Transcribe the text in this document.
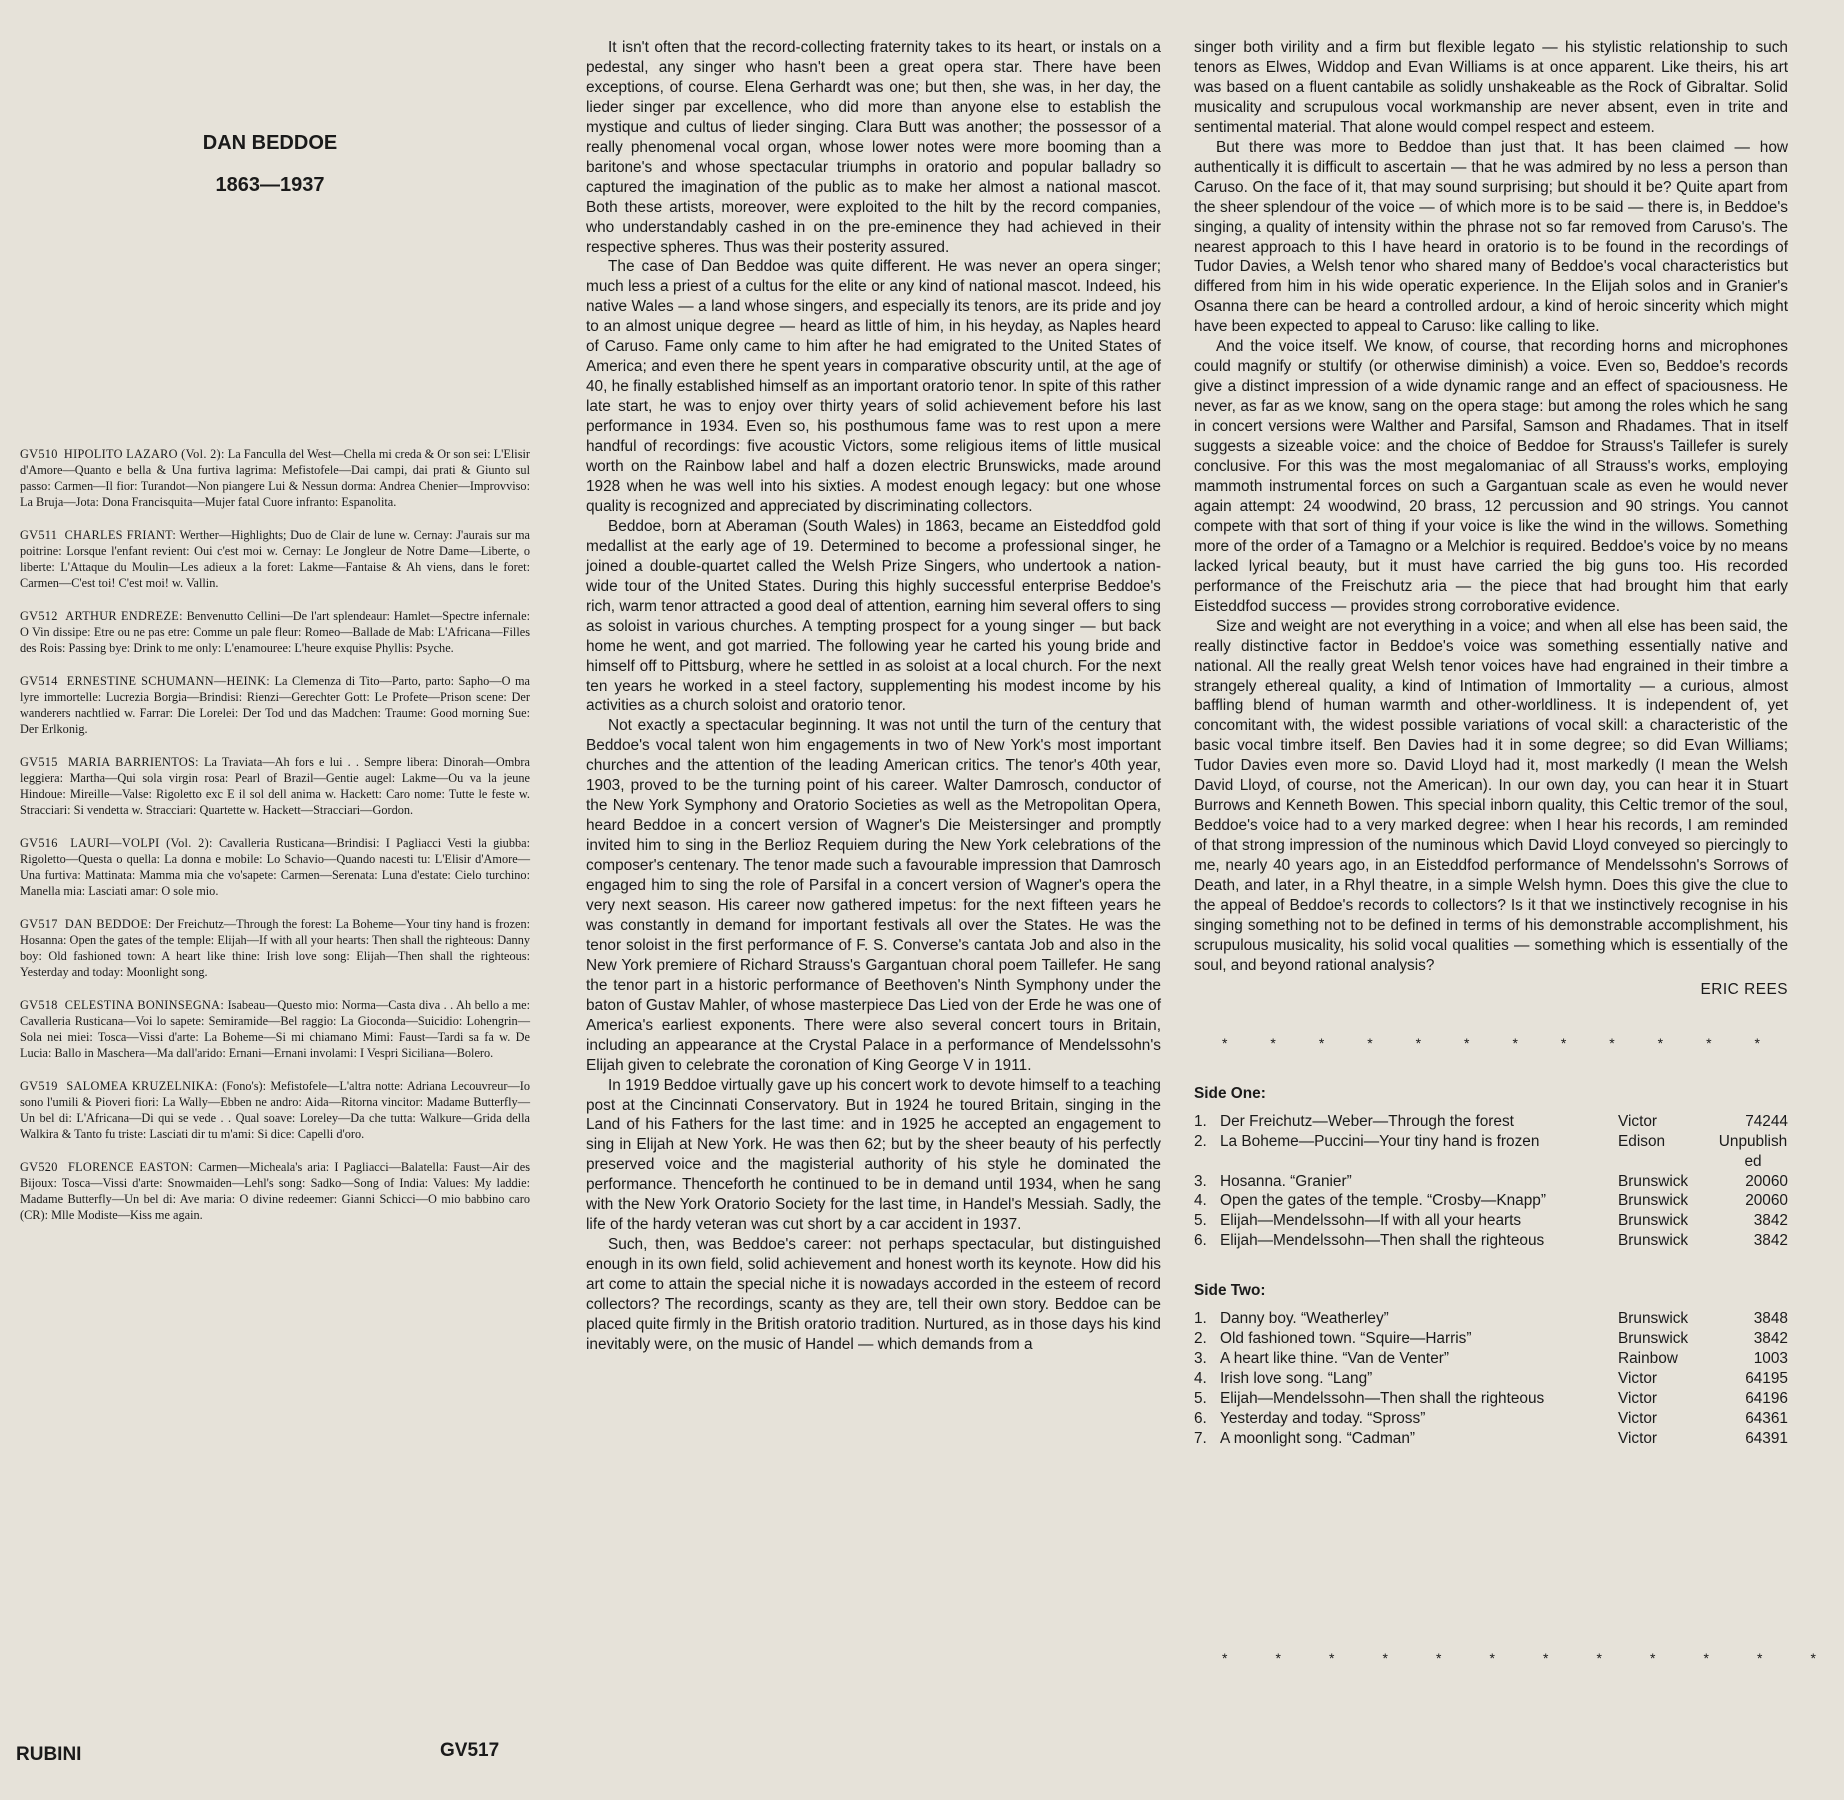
DAN BEDDOE
1863—1937
GV510 HIPOLITO LAZARO (Vol. 2): La Fanculla del West—Chella mi creda & Or son sei: L'Elisir d'Amore—Quanto e bella & Una furtiva lagrima: Mefistofele—Dai campi, dai prati & Giunto sul passo: Carmen—Il fior: Turandot—Non piangere Lui & Nessun dorma: Andrea Chenier—Improvviso: La Bruja—Jota: Dona Francisquita—Mujer fatal Cuore infranto: Espanolita.
GV511 CHARLES FRIANT: Werther—Highlights; Duo de Clair de lune w. Cernay: J'aurais sur ma poitrine: Lorsque l'enfant revient: Oui c'est moi w. Cernay: Le Jongleur de Notre Dame—Liberte, o liberte: L'Attaque du Moulin—Les adieux a la foret: Lakme—Fantaise & Ah viens, dans le foret: Carmen—C'est toi! C'est moi! w. Vallin.
GV512 ARTHUR ENDREZE: Benvenutto Cellini—De l'art splendeaur: Hamlet—Spectre infernale: O Vin dissipe: Etre ou ne pas etre: Comme un pale fleur: Romeo—Ballade de Mab: L'Africana—Filles des Rois: Passing bye: Drink to me only: L'enamouree: L'heure exquise Phyllis: Psyche.
GV514 ERNESTINE SCHUMANN—HEINK: La Clemenza di Tito—Parto, parto: Sapho—O ma lyre immortelle: Lucrezia Borgia—Brindisi: Rienzi—Gerechter Gott: Le Profete—Prison scene: Der wanderers nachtlied w. Farrar: Die Lorelei: Der Tod und das Madchen: Traume: Good morning Sue: Der Erlkonig.
GV515 MARIA BARRIENTOS: La Traviata—Ah fors e lui . . Sempre libera: Dinorah—Ombra leggiera: Martha—Qui sola virgin rosa: Pearl of Brazil—Gentie augel: Lakme—Ou va la jeune Hindoue: Mireille—Valse: Rigoletto exc E il sol dell anima w. Hackett: Caro nome: Tutte le feste w. Stracciari: Si vendetta w. Stracciari: Quartette w. Hackett—Stracciari—Gordon.
GV516 LAURI—VOLPI (Vol. 2): Cavalleria Rusticana—Brindisi: I Pagliacci Vesti la giubba: Rigoletto—Questa o quella: La donna e mobile: Lo Schavio—Quando nacesti tu: L'Elisir d'Amore—Una furtiva: Mattinata: Mamma mia che vo'sapete: Carmen—Serenata: Luna d'estate: Cielo turchino: Manella mia: Lasciati amar: O sole mio.
GV517 DAN BEDDOE: Der Freichutz—Through the forest: La Boheme—Your tiny hand is frozen: Hosanna: Open the gates of the temple: Elijah—If with all your hearts: Then shall the righteous: Danny boy: Old fashioned town: A heart like thine: Irish love song: Elijah—Then shall the righteous: Yesterday and today: Moonlight song.
GV518 CELESTINA BONINSEGNA: Isabeau—Questo mio: Norma—Casta diva . . Ah bello a me: Cavalleria Rusticana—Voi lo sapete: Semiramide—Bel raggio: La Gioconda—Suicidio: Lohengrin—Sola nei miei: Tosca—Vissi d'arte: La Boheme—Si mi chiamano Mimi: Faust—Tardi sa fa w. De Lucia: Ballo in Maschera—Ma dall'arido: Ernani—Ernani involami: I Vespri Siciliana—Bolero.
GV519 SALOMEA KRUZELNIKA: (Fono's): Mefistofele—L'altra notte: Adriana Lecouvreur—Io sono l'umili & Pioveri fiori: La Wally—Ebben ne andro: Aida—Ritorna vincitor: Madame Butterfly—Un bel di: L'Africana—Di qui se vede . . Qual soave: Loreley—Da che tutta: Walkure—Grida della Walkira & Tanto fu triste: Lasciati dir tu m'ami: Si dice: Capelli d'oro.
GV520 FLORENCE EASTON: Carmen—Micheala's aria: I Pagliacci—Balatella: Faust—Air des Bijoux: Tosca—Vissi d'arte: Snowmaiden—Lehl's song: Sadko—Song of India: Values: My laddie: Madame Butterfly—Un bel di: Ave maria: O divine redeemer: Gianni Schicci—O mio babbino caro (CR): Mlle Modiste—Kiss me again.

It isn't often that the record-collecting fraternity takes to its heart, or instals on a pedestal, any singer who hasn't been a great opera star. There have been exceptions, of course. Elena Gerhardt was one; but then, she was, in her day, the lieder singer par excellence, who did more than anyone else to establish the mystique and cultus of lieder singing. Clara Butt was another; the possessor of a really phenomenal vocal organ, whose lower notes were more booming than a baritone's and whose spectacular triumphs in oratorio and popular balladry so captured the imagination of the public as to make her almost a national mascot. Both these artists, moreover, were exploited to the hilt by the record companies, who understandably cashed in on the pre-eminence they had achieved in their respective spheres. Thus was their posterity assured.

The case of Dan Beddoe was quite different. He was never an opera singer; much less a priest of a cultus for the elite or any kind of national mascot. Indeed, his native Wales — a land whose singers, and especially its tenors, are its pride and joy to an almost unique degree — heard as little of him, in his heyday, as Naples heard of Caruso. Fame only came to him after he had emigrated to the United States of America; and even there he spent years in comparative obscurity until, at the age of 40, he finally established himself as an important oratorio tenor. In spite of this rather late start, he was to enjoy over thirty years of solid achievement before his last performance in 1934. Even so, his posthumous fame was to rest upon a mere handful of recordings: five acoustic Victors, some religious items of little musical worth on the Rainbow label and half a dozen electric Brunswicks, made around 1928 when he was well into his sixties. A modest enough legacy: but one whose quality is recognized and appreciated by discriminating collectors.

Beddoe, born at Aberaman (South Wales) in 1863, became an Eisteddfod gold medallist at the early age of 19. Determined to become a professional singer, he joined a double-quartet called the Welsh Prize Singers, who undertook a nation-wide tour of the United States. During this highly successful enterprise Beddoe's rich, warm tenor attracted a good deal of attention, earning him several offers to sing as soloist in various churches. A tempting prospect for a young singer — but back home he went, and got married. The following year he carted his young bride and himself off to Pittsburg, where he settled in as soloist at a local church. For the next ten years he worked in a steel factory, supplementing his modest income by his activities as a church soloist and oratorio tenor.

Not exactly a spectacular beginning. It was not until the turn of the century that Beddoe's vocal talent won him engagements in two of New York's most important churches and the attention of the leading American critics. The tenor's 40th year, 1903, proved to be the turning point of his career. Walter Damrosch, conductor of the New York Symphony and Oratorio Societies as well as the Metropolitan Opera, heard Beddoe in a concert version of Wagner's Die Meistersinger and promptly invited him to sing in the Berlioz Requiem during the New York celebrations of the composer's centenary. The tenor made such a favourable impression that Damrosch engaged him to sing the role of Parsifal in a concert version of Wagner's opera the very next season. His career now gathered impetus: for the next fifteen years he was constantly in demand for important festivals all over the States. He was the tenor soloist in the first performance of F. S. Converse's cantata Job and also in the New York premiere of Richard Strauss's Gargantuan choral poem Taillefer. He sang the tenor part in a historic performance of Beethoven's Ninth Symphony under the baton of Gustav Mahler, of whose masterpiece Das Lied von der Erde he was one of America's earliest exponents. There were also several concert tours in Britain, including an appearance at the Crystal Palace in a performance of Mendelssohn's Elijah given to celebrate the coronation of King George V in 1911.

In 1919 Beddoe virtually gave up his concert work to devote himself to a teaching post at the Cincinnati Conservatory. But in 1924 he toured Britain, singing in the Land of his Fathers for the last time: and in 1925 he accepted an engagement to sing in Elijah at New York. He was then 62; but by the sheer beauty of his perfectly preserved voice and the magisterial authority of his style he dominated the performance. Thenceforth he continued to be in demand until 1934, when he sang with the New York Oratorio Society for the last time, in Handel's Messiah. Sadly, the life of the hardy veteran was cut short by a car accident in 1937.

Such, then, was Beddoe's career: not perhaps spectacular, but distinguished enough in its own field, solid achievement and honest worth its keynote. How did his art come to attain the special niche it is nowadays accorded in the esteem of record collectors? The recordings, scanty as they are, tell their own story. Beddoe can be placed quite firmly in the British oratorio tradition. Nurtured, as in those days his kind inevitably were, on the music of Handel — which demands from a

singer both virility and a firm but flexible legato — his stylistic relationship to such tenors as Elwes, Widdop and Evan Williams is at once apparent. Like theirs, his art was based on a fluent cantabile as solidly unshakeable as the Rock of Gibraltar. Solid musicality and scrupulous vocal workmanship are never absent, even in trite and sentimental material. That alone would compel respect and esteem.

But there was more to Beddoe than just that. It has been claimed — how authentically it is difficult to ascertain — that he was admired by no less a person than Caruso. On the face of it, that may sound surprising; but should it be? Quite apart from the sheer splendour of the voice — of which more is to be said — there is, in Beddoe's singing, a quality of intensity within the phrase not so far removed from Caruso's. The nearest approach to this I have heard in oratorio is to be found in the recordings of Tudor Davies, a Welsh tenor who shared many of Beddoe's vocal characteristics but differed from him in his wide operatic experience. In the Elijah solos and in Granier's Osanna there can be heard a controlled ardour, a kind of heroic sincerity which might have been expected to appeal to Caruso: like calling to like.

And the voice itself. We know, of course, that recording horns and microphones could magnify or stultify (or otherwise diminish) a voice. Even so, Beddoe's records give a distinct impression of a wide dynamic range and an effect of spaciousness. He never, as far as we know, sang on the opera stage: but among the roles which he sang in concert versions were Walther and Parsifal, Samson and Rhadames. That in itself suggests a sizeable voice: and the choice of Beddoe for Strauss's Taillefer is surely conclusive. For this was the most megalomaniac of all Strauss's works, employing mammoth instrumental forces on such a Gargantuan scale as even he would never again attempt: 24 woodwind, 20 brass, 12 percussion and 90 strings. You cannot compete with that sort of thing if your voice is like the wind in the willows. Something more of the order of a Tamagno or a Melchior is required. Beddoe's voice by no means lacked lyrical beauty, but it must have carried the big guns too. His recorded performance of the Freischutz aria — the piece that had brought him that early Eisteddfod success — provides strong corroborative evidence.

Size and weight are not everything in a voice; and when all else has been said, the really distinctive factor in Beddoe's voice was something essentially native and national. All the really great Welsh tenor voices have had engrained in their timbre a strangely ethereal quality, a kind of Intimation of Immortality — a curious, almost baffling blend of human warmth and other-worldliness. It is independent of, yet concomitant with, the widest possible variations of vocal skill: a characteristic of the basic vocal timbre itself. Ben Davies had it in some degree; so did Evan Williams; Tudor Davies even more so. David Lloyd had it, most markedly (I mean the Welsh David Lloyd, of course, not the American). In our own day, you can hear it in Stuart Burrows and Kenneth Bowen. This special inborn quality, this Celtic tremor of the soul, Beddoe's voice had to a very marked degree: when I hear his records, I am reminded of that strong impression of the numinous which David Lloyd conveyed so piercingly to me, nearly 40 years ago, in an Eisteddfod performance of Mendelssohn's Sorrows of Death, and later, in a Rhyl theatre, in a simple Welsh hymn. Does this give the clue to the appeal of Beddoe's records to collectors? Is it that we instinctively recognise in his singing something not to be defined in terms of his demonstrable accomplishment, his scrupulous musicality, his solid vocal qualities — something which is essentially of the soul, and beyond rational analysis?

ERIC REES

*	*	*	*	*	*	*	*	*	*	*	*
Side One:
1.	Der Freichutz—Weber—Through the forest	Victor	74244
2.	La Boheme—Puccini—Your tiny hand is frozen	Edison	Unpublished
3.	Hosanna. “Granier”	Brunswick	20060
4.	Open the gates of the temple. “Crosby—Knapp”	Brunswick	20060
5.	Elijah—Mendelssohn—If with all your hearts	Brunswick	3842
6.	Elijah—Mendelssohn—Then shall the righteous	Brunswick	3842
Side Two:
1.	Danny boy. “Weatherley”	Brunswick	3848
2.	Old fashioned town. “Squire—Harris”	Brunswick	3842
3.	A heart like thine. “Van de Venter”	Rainbow	1003
4.	Irish love song. “Lang”	Victor	64195
5.	Elijah—Mendelssohn—Then shall the righteous	Victor	64196
6.	Yesterday and today. “Spross”	Victor	64361
7.	A moonlight song. “Cadman”	Victor	64391
*	*	*	*	*	*	*	*	*	*	*	*
RUBINI	GV517
